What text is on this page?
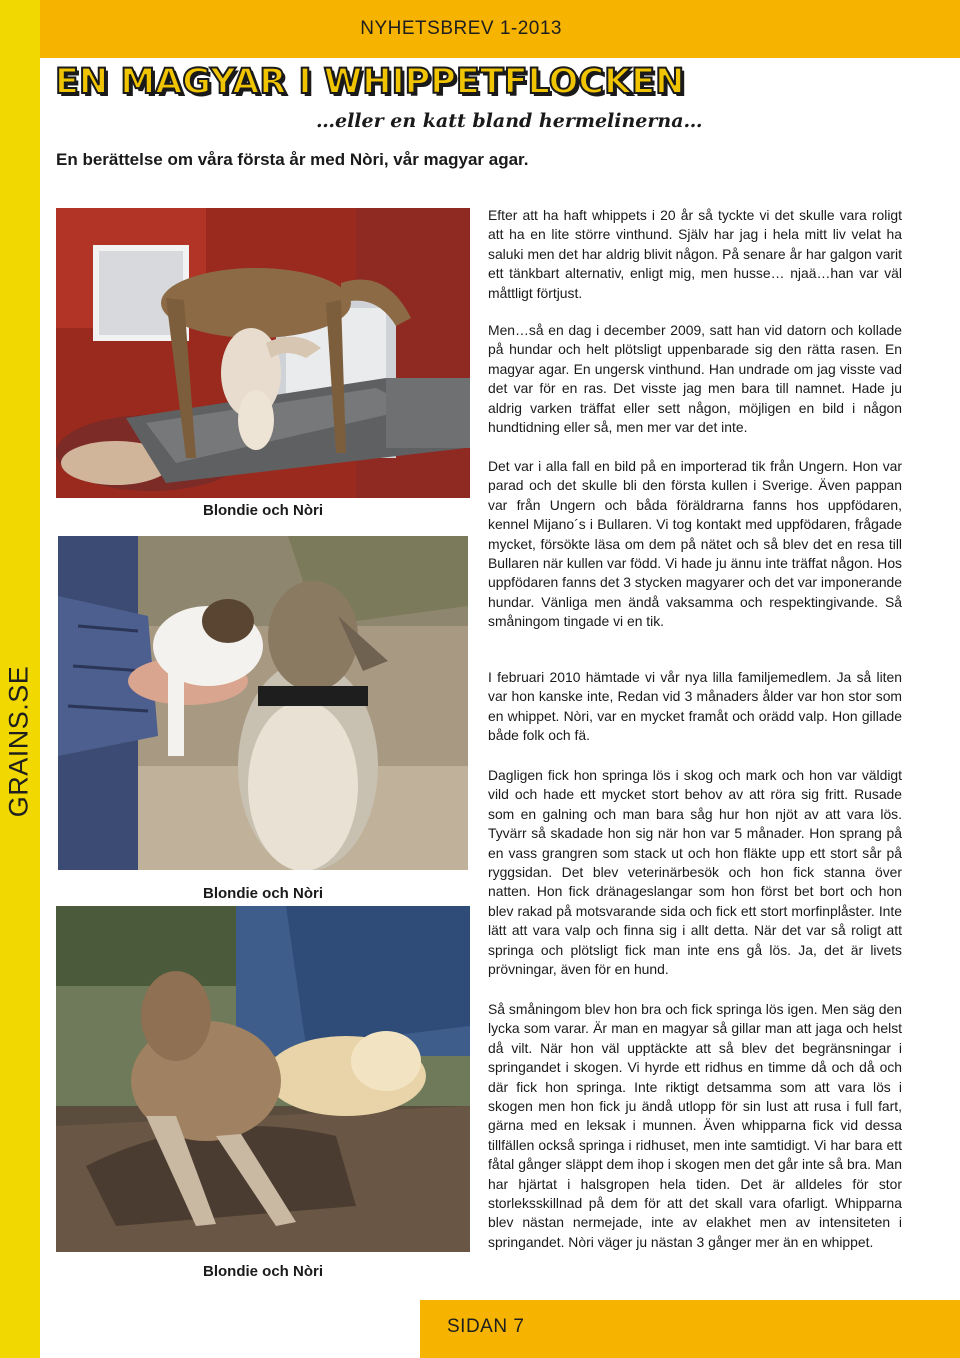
NYHETSBREV 1-2013
GRAINS.SE
SIDAN 7
EN MAGYAR I WHIPPETFLOCKEN
…eller en katt bland hermelinerna…
En berättelse om våra första år med Nòri, vår magyar agar.
Blondie och Nòri
Blondie och Nòri
Blondie och Nòri

Efter att ha haft whippets i 20 år så tyckte vi det skulle vara roligt att ha en lite större vinthund. Själv har jag i hela mitt liv velat ha saluki men det har aldrig blivit någon. På senare år har galgon varit ett tänkbart alternativ, enligt mig, men husse… njaä…han var väl måttligt förtjust.

Men…så en dag i december 2009, satt han vid datorn och kollade på hundar och helt plötsligt uppenbarade sig den rätta rasen. En magyar agar. En ungersk vinthund. Han undrade om jag visste vad det var för en ras. Det visste jag men bara till namnet. Hade ju aldrig varken träffat eller sett någon, möjligen en bild i någon hundtidning eller så, men mer var det inte.

Det var i alla fall en bild på en importerad tik från Ungern. Hon var parad och det skulle bli den första kullen i Sverige. Även pappan var från Ungern och båda föräldrarna fanns hos uppfödaren, kennel Mijano´s i Bullaren. Vi tog kontakt med uppfödaren, frågade mycket, försökte läsa om dem på nätet och så blev det en resa till Bullaren när kullen var född. Vi hade ju ännu inte träffat någon. Hos uppfödaren fanns det 3 stycken magyarer och det var imponerande hundar. Vänliga men ändå vaksamma och respektingivande. Så småningom tingade vi en tik.

I februari 2010 hämtade vi vår nya lilla familjemedlem. Ja så liten var hon kanske inte, Redan vid 3 månaders ålder var hon stor som en whippet. Nòri, var en mycket framåt och orädd valp. Hon gillade både folk och fä.

Dagligen fick hon springa lös i skog och mark och hon var väldigt vild och hade ett mycket stort behov av att röra sig fritt. Rusade som en galning och man bara såg hur hon njöt av att vara lös. Tyvärr så skadade hon sig när hon var 5 månader. Hon sprang på en vass grangren som stack ut och hon fläkte upp ett stort sår på ryggsidan. Det blev veterinärbesök och hon fick stanna över natten. Hon fick dränageslangar som hon först bet bort och hon blev rakad på motsvarande sida och fick ett stort morfinplåster. Inte lätt att vara valp och finna sig i allt detta. När det var så roligt att springa och plötsligt fick man inte ens gå lös. Ja, det är livets prövningar, även för en hund.

Så småningom blev hon bra och fick springa lös igen. Men säg den lycka som varar. Är man en magyar så gillar man att jaga och helst då vilt. När hon väl upptäckte att så blev det begränsningar i springandet i skogen. Vi hyrde ett ridhus en timme då och då och där fick hon springa. Inte riktigt detsamma som att vara lös i skogen men hon fick ju ändå utlopp för sin lust att rusa i full fart, gärna med en leksak i munnen. Även whipparna fick vid dessa tillfällen också springa i ridhuset, men inte samtidigt. Vi har bara ett fåtal gånger släppt dem ihop i skogen men det går inte så bra. Man har hjärtat i halsgropen hela tiden. Det är alldeles för stor storleksskillnad på dem för att det skall vara ofarligt. Whipparna blev nästan nermejade, inte av elakhet men av intensiteten i springandet. Nòri väger ju nästan 3 gånger mer än en whippet.
